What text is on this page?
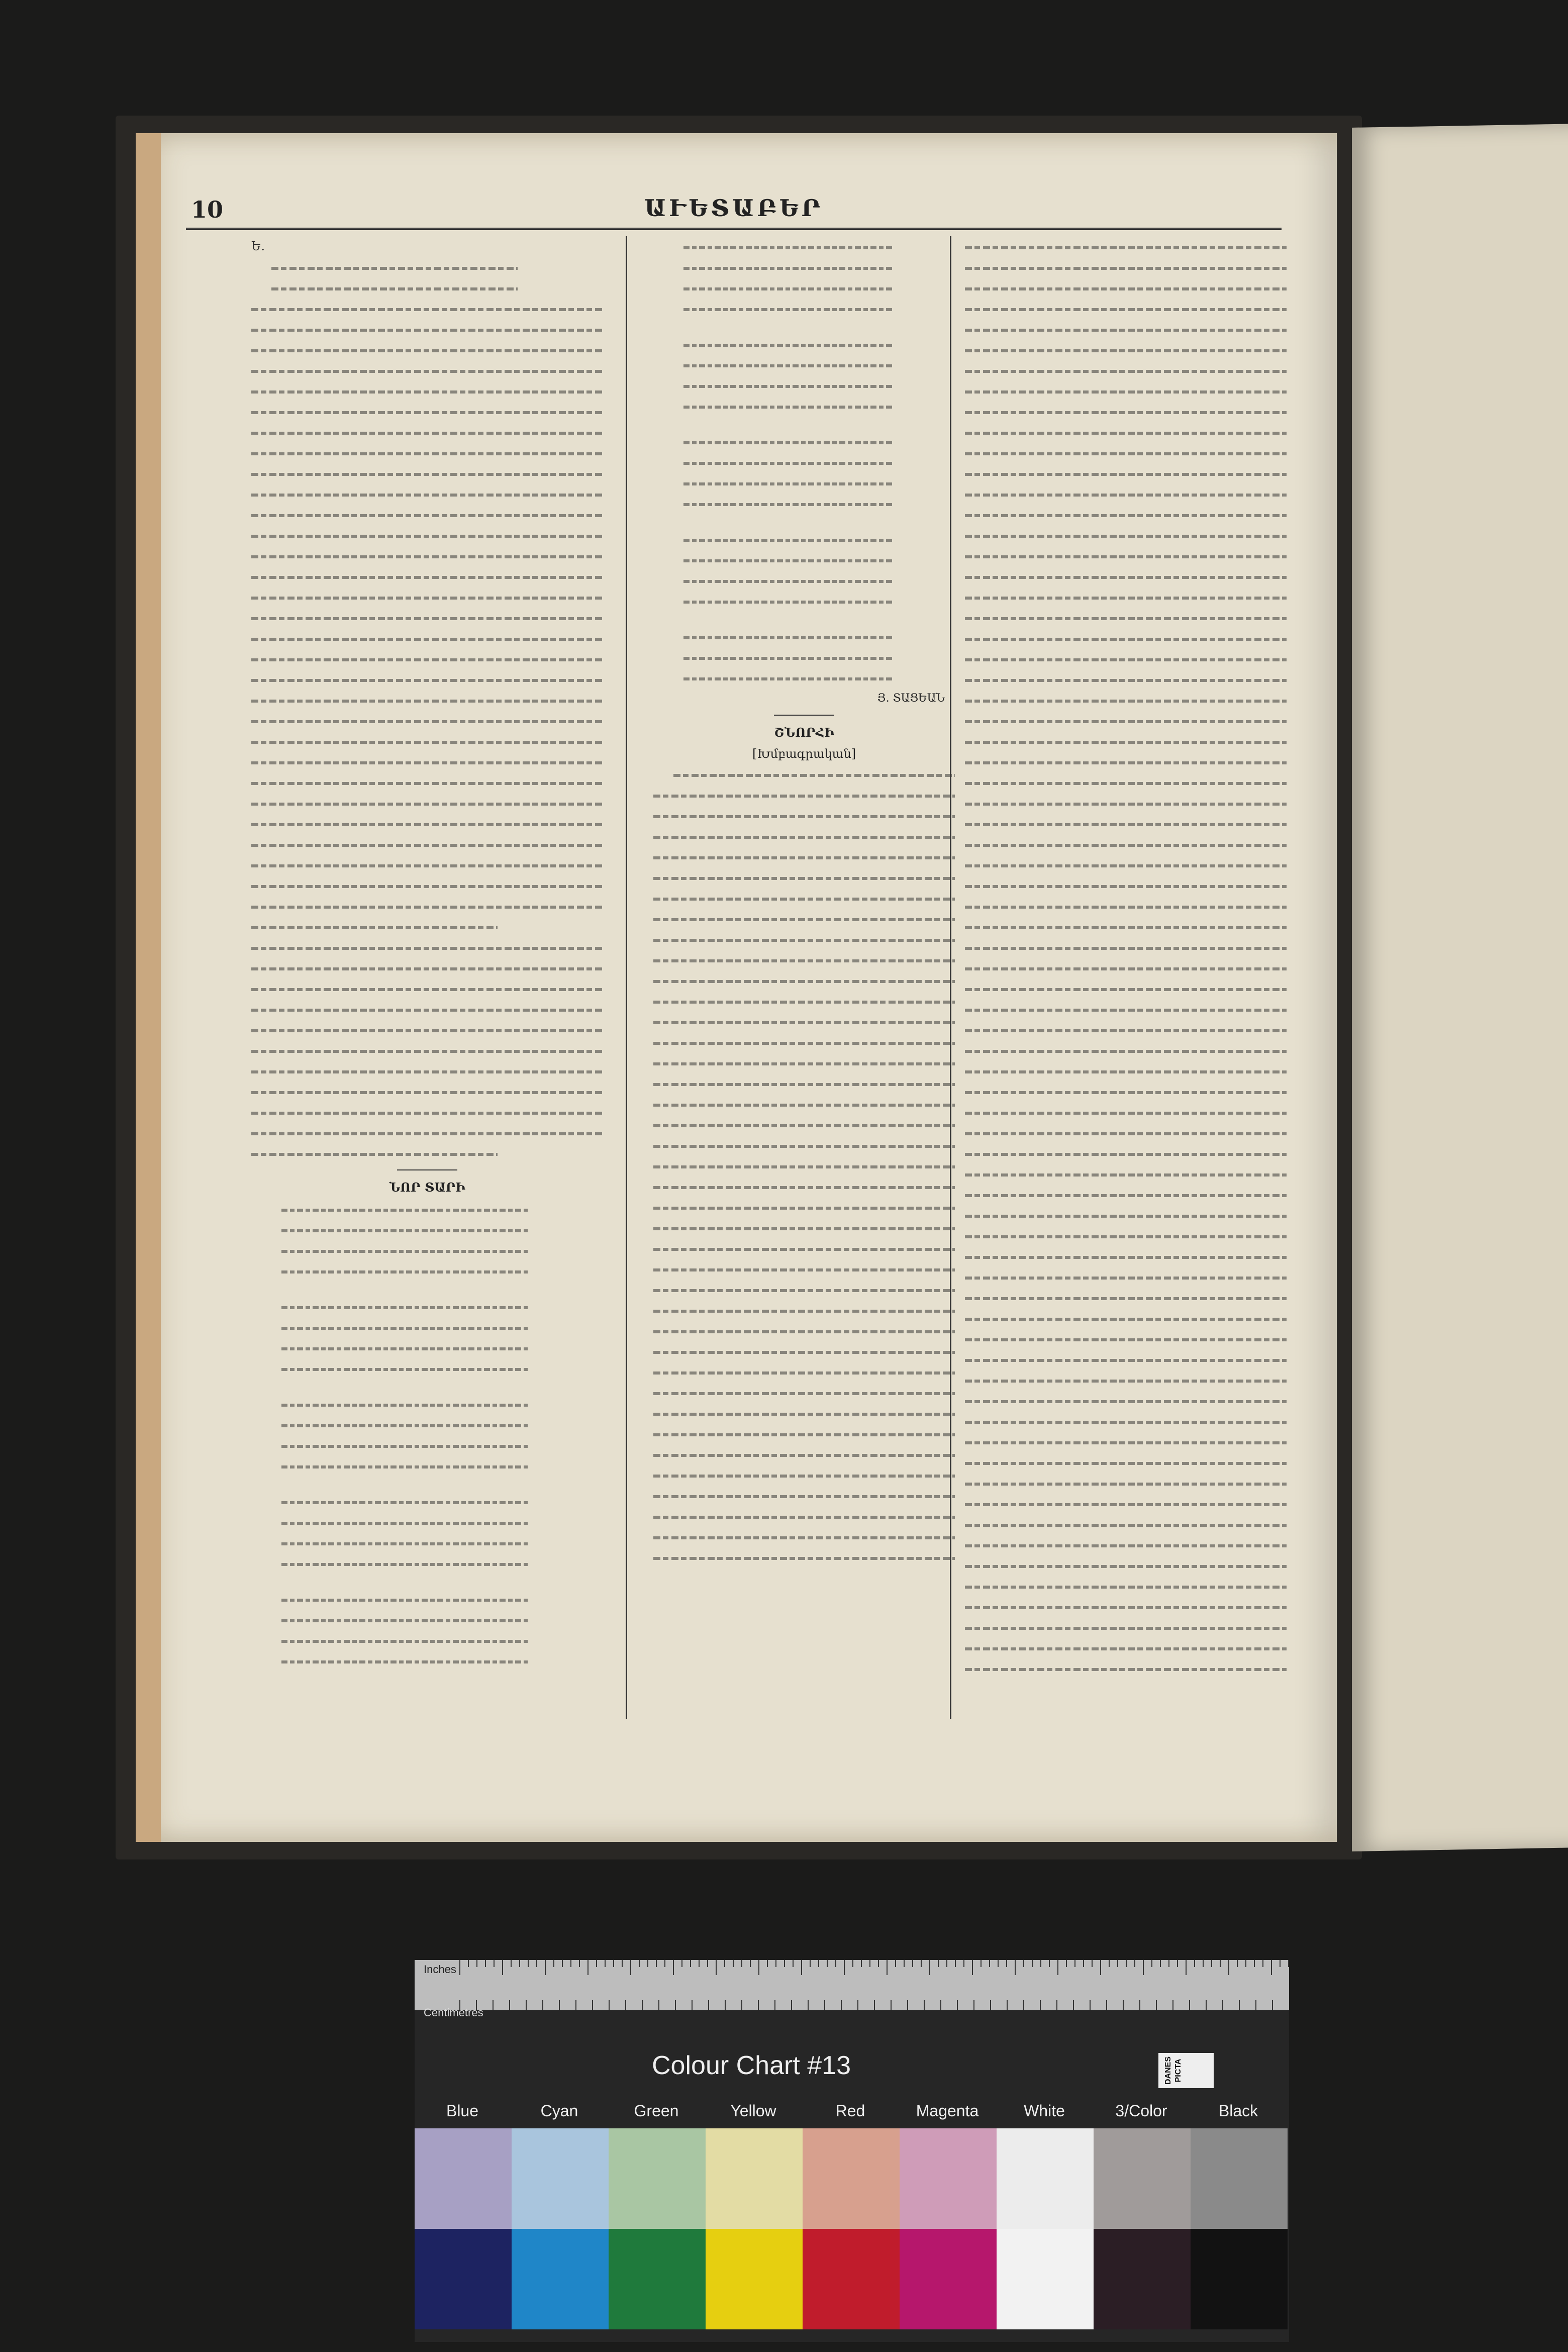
10	ԱՒԵՏԱԲԵՐ
Ե.
ՆՈՐ ՏԱՐԻ
Յ. ՏԱՑԵԱՆ
ՇՆՈՐՀԻ
[Խմբագրական]
Inches
Centimetres
Colour Chart #13	DANES PICTA
Blue	Cyan	Green	Yellow	Red	Magenta	White	3/Color	Black
